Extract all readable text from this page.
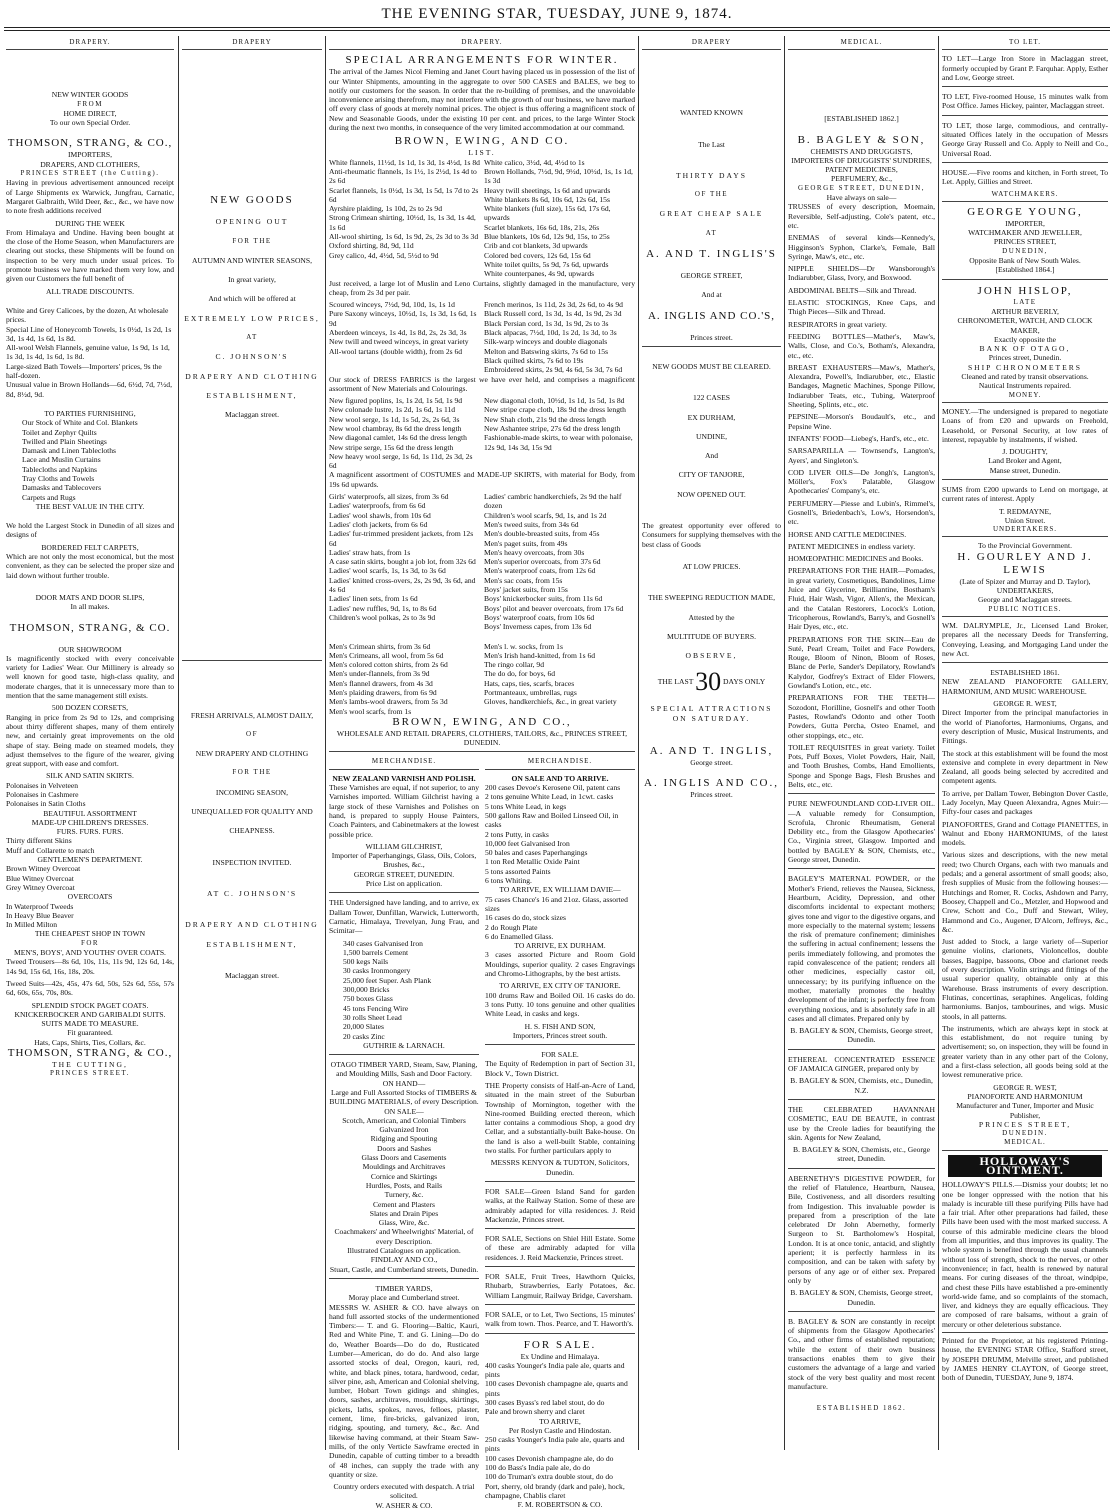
THE EVENING STAR, TUESDAY, JUNE 9, 1874.
DRAPERY.
NEW WINTER GOODS
FROM
HOME DIRECT,
To our own Special Order.
THOMSON, STRANG, & CO.,
IMPORTERS,
DRAPERS, AND CLOTHIERS,
PRINCES STREET (the Cutting).

Having in previous advertisement announced receipt of Large Shipments ex Warwick, Jungfrau, Carnatic, Margaret Galbraith, Wild Deer, &c., &c., we have now to note fresh additions received

DURING THE WEEK

From Himalaya and Undine. Having been bought at the close of the Home Season, when Manufacturers are clearing out stocks, these Shipments will be found on inspection to be very much under usual prices. To promote business we have marked them very low, and given our Customers the full benefit of

ALL TRADE DISCOUNTS.
White and Grey Calicoes, by the dozen, At wholesale prices.
Special Line of Honeycomb Towels, 1s 0½d, 1s 2d, 1s 3d, 1s 4d, 1s 6d, 1s 8d.
All-wool Welsh Flannels, genuine value, 1s 9d, 1s 1d, 1s 3d, 1s 4d, 1s 6d, 1s 8d.
Large-sized Bath Towels—Importers' prices, 9s the half-dozen.
Unusual value in Brown Hollands—6d, 6½d, 7d, 7½d, 8d, 8½d, 9d.
TO PARTIES FURNISHING,
Our Stock of White and Col. Blankets
Toilet and Zephyr Quilts
Twilled and Plain Sheetings
Damask and Linen Tablecloths
Lace and Muslin Curtains
Tablecloths and Napkins
Tray Cloths and Towels
Damasks and Tablecovers
Carpets and Rugs
THE BEST VALUE IN THE CITY.

We hold the Largest Stock in Dunedin of all sizes and designs of

BORDERED FELT CARPETS,

Which are not only the most economical, but the most convenient, as they can be selected the proper size and laid down without further trouble.

DOOR MATS AND DOOR SLIPS,
In all makes.
THOMSON, STRANG, & CO.
OUR SHOWROOM

Is magnificently stocked with every conceivable variety for Ladies' Wear. Our Millinery is already so well known for good taste, high-class quality, and moderate charges, that it is unnecessary more than to mention that the same management still exists.

500 DOZEN CORSETS,

Ranging in price from 2s 9d to 12s, and comprising about thirty different shapes, many of them entirely new, and certainly great improvements on the old shape of stay. Being made on steamed models, they adjust themselves to the figure of the wearer, giving great support, with ease and comfort.

SILK AND SATIN SKIRTS.
Polonaises in Velveteen
Polonaises in Cashmere
Polonaises in Satin Cloths
BEAUTIFUL ASSORTMENT
MADE-UP CHILDREN'S DRESSES.
FURS. FURS. FURS.
Thirty different Skins
Muff and Collarette to match
GENTLEMEN'S DEPARTMENT.
Brown Witney Overcoat
Blue Witney Overcoat
Grey Witney Overcoat
OVERCOATS
In Waterproof Tweeds
In Heavy Blue Beaver
In Milled Milton
THE CHEAPEST SHOP IN TOWN
FOR
MEN'S, BOYS', AND YOUTHS' OVER COATS.

Tweed Trousers—8s 6d, 10s, 11s, 11s 9d, 12s 6d, 14s, 14s 9d, 15s 6d, 16s, 18s, 20s.

Tweed Suits—42s, 45s, 47s 6d, 50s, 52s 6d, 55s, 57s 6d, 60s, 65s, 70s, 80s.

SPLENDID STOCK PAGET COATS.
KNICKERBOCKER AND GARIBALDI SUITS.
SUITS MADE TO MEASURE.
Fit guaranteed.
Hats, Caps, Shirts, Ties, Collars, &c.
THOMSON, STRANG, & CO.,
THE CUTTING,
PRINCES STREET.
DRAPERY
NEW GOODS
OPENING OUT
FOR THE
AUTUMN AND WINTER SEASONS,
In great variety,
And which will be offered at
EXTREMELY LOW PRICES,
AT
C. JOHNSON'S
DRAPERY AND CLOTHING
ESTABLISHMENT,
Maclaggan street.
FRESH ARRIVALS, ALMOST DAILY,
OF
NEW DRAPERY AND CLOTHING
FOR THE
INCOMING SEASON,
UNEQUALLED FOR QUALITY AND
CHEAPNESS.
INSPECTION INVITED.
AT C. JOHNSON'S
DRAPERY AND CLOTHING
ESTABLISHMENT,
Maclaggan street.
DRAPERY.
SPECIAL ARRANGEMENTS FOR WINTER.

The arrival of the James Nicol Fleming and Janet Court having placed us in possession of the list of our Winter Shipments, amounting in the aggregate to over 500 CASES and BALES, we beg to notify our customers for the season. In order that the re-building of premises, and the unavoidable inconvenience arising therefrom, may not interfere with the growth of our business, we have marked off every class of goods at merely nominal prices. The object is thus offering a magnificent stock of New and Seasonable Goods, under the existing 10 per cent. and prices, to the large Winter Stock during the next two months, in consequence of the very limited accommodation at our command.

BROWN, EWING, AND CO.
LIST.
White flannels, 11½d, 1s 1d, 1s 3d, 1s 4½d, 1s 8d
Anti-rheumatic flannels, 1s 1½, 1s 2½d, 1s 4d to 2s 6d
Scarlet flannels, 1s 0½d, 1s 3d, 1s 5d, 1s 7d to 2s 6d
Ayrshire plaiding, 1s 10d, 2s to 2s 9d
Strong Crimean shirting, 10½d, 1s, 1s 3d, 1s 4d, 1s 6d
All-wool shirting, 1s 6d, 1s 9d, 2s, 2s 3d to 3s 3d
Oxford shirting, 8d, 9d, 11d
Grey calico, 4d, 4½d, 5d, 5½d to 9d
White calico, 3½d, 4d, 4½d to 1s
Brown Hollands, 7½d, 9d, 9½d, 10½d, 1s, 1s 1d, 1s 3d
Heavy twill sheetings, 1s 6d and upwards
White blankets 8s 6d, 10s 6d, 12s 6d, 15s
White blankets (full size), 15s 6d, 17s 6d, upwards
Scarlet blankets, 16s 6d, 18s, 21s, 26s
Blue blankets, 10s 6d, 12s 9d, 15s, to 25s
Crib and cot blankets, 3d upwards
Colored bed covers, 12s 6d, 15s 6d
White toilet quilts, 5s 9d, 7s 6d, upwards
White counterpanes, 4s 9d, upwards

Just received, a large lot of Muslin and Leno Curtains, slightly damaged in the manufacture, very cheap, from 2s 3d per pair.

Scoured winceys, 7½d, 9d, 10d, 1s, 1s 1d
Pure Saxony winceys, 10½d, 1s, 1s 3d, 1s 6d, 1s 9d
Aberdeen winceys, 1s 4d, 1s 8d, 2s, 2s 3d, 3s
New twill and tweed winceys, in great variety
All-wool tartans (double width), from 2s 6d
French merinos, 1s 11d, 2s 3d, 2s 6d, to 4s 9d
Black Russell cord, 1s 3d, 1s 4d, 1s 9d, 2s 3d
Black Persian cord, 1s 3d, 1s 9d, 2s to 3s
Black alpacas, 7½d, 10d, 1s 2d, 1s 3d, to 3s
Silk-warp winceys and double diagonals
Melton and Batswing skirts, 7s 6d to 15s
Black quilted skirts, 7s 6d to 19s
Embroidered skirts, 2s 9d, 4s 6d, 5s 3d, 7s 6d

Our stock of DRESS FABRICS is the largest we have ever held, and comprises a magnificent assortment of New Materials and Colourings.

New figured poplins, 1s, 1s 2d, 1s 5d, 1s 9d
New colonade lustre, 1s 2d, 1s 6d, 1s 11d
New wool serge, 1s 1d, 1s 5d, 2s, 2s 6d, 3s
New wool chambray, 8s 6d the dress length
New diagonal camlet, 14s 6d the dress length
New stripe serge, 15s 6d the dress length
New heavy wool serge, 1s 6d, 1s 11d, 2s 3d, 2s 6d
New diagonal cloth, 10½d, 1s 1d, 1s 5d, 1s 8d
New stripe crape cloth, 18s 9d the dress length
New Shah cloth, 21s 9d the dress length
New Ashantee stripe, 27s 6d the dress length
Fashionable-made skirts, to wear with polonaise, 12s 9d, 14s 3d, 15s 9d

A magnificent assortment of COSTUMES and MADE-UP SKIRTS, with material for Body, from 19s 6d upwards.

Girls' waterproofs, all sizes, from 3s 6d
Ladies' waterproofs, from 6s 6d
Ladies' wool shawls, from 10s 6d
Ladies' cloth jackets, from 6s 6d
Ladies' fur-trimmed president jackets, from 12s 6d
Ladies' straw hats, from 1s
A case satin skirts, bought a job lot, from 32s 6d
Ladies' wool scarfs, 1s, 1s 3d, to 3s 6d
Ladies' knitted cross-overs, 2s, 2s 9d, 3s 6d, and 4s 6d
Ladies' linen sets, from 1s 6d
Ladies' new ruffles, 9d, 1s, to 8s 6d
Children's wool polkas, 2s to 3s 9d
Ladies' cambric handkerchiefs, 2s 9d the half dozen
Children's wool scarfs, 9d, 1s, and 1s 2d
Men's tweed suits, from 34s 6d
Men's double-breasted suits, from 45s
Men's paget suits, from 49s
Men's heavy overcoats, from 30s
Men's superior overcoats, from 37s 6d
Men's waterproof coats, from 12s 6d
Men's sac coats, from 15s
Boys' jacket suits, from 15s
Boys' knickerbocker suits, from 11s 6d
Boys' pilot and beaver overcoats, from 17s 6d
Boys' waterproof coats, from 10s 6d
Boys' Inverness capes, from 13s 6d
Men's Crimean shirts, from 3s 6d
Men's Crimeans, all wool, from 5s 6d
Men's colored cotton shirts, from 2s 6d
Men's under-flannels, from 3s 9d
Men's flannel drawers, from 4s 3d
Men's plaiding drawers, from 6s 9d
Men's lambs-wool drawers, from 5s 3d
Men's wool scarfs, from 1s
Men's l. w. socks, from 1s
Men's Irish hand-knitted, from 1s 6d
The ringo collar, 9d
The do do, for boys, 6d
Hats, caps, ties, scarfs, braces
Portmanteaux, umbrellas, rugs
Gloves, handkerchiefs, &c., in great variety
BROWN, EWING, AND CO.,
WHOLESALE AND RETAIL DRAPERS, CLOTHIERS, TAILORS, &c., PRINCES STREET, DUNEDIN.
MERCHANDISE.
NEW ZEALAND VARNISH AND POLISH.

These Varnishes are equal, if not superior, to any Varnishes imported. William Gilchrist having a large stock of these Varnishes and Polishes on hand, is prepared to supply House Painters, Coach Painters, and Cabinetmakers at the lowest possible price.

WILLIAM GILCHRIST,
Importer of Paperhangings, Glass, Oils, Colors, Brushes, &c.,
GEORGE STREET, DUNEDIN.
Price List on application.

THE Undersigned have landing, and to arrive, ex Dallam Tower, Dunfillan, Warwick, Lutterworth, Carnatic, Himalaya, Trevelyan, Jung Frau, and Scimitar—

340 cases Galvanised Iron
1,500 barrels Cement
500 kegs Nails
30 casks Ironmongery
25,000 feet Super. Ash Plank
300,000 Bricks
750 boxes Glass
45 tons Fencing Wire
30 rolls Sheet Lead
20,000 Slates
20 casks Zinc
GUTHRIE & LARNACH.
OTAGO TIMBER YARD, Steam, Saw, Planing, and Moulding Mills, Sash and Door Factory.
ON HAND—
Large and Full Assorted Stocks of TIMBERS & BUILDING MATERIALS, of every Description.
ON SALE—
Scotch, American, and Colonial Timbers
Galvanized Iron
Ridging and Spouting
Doors and Sashes
Glass Doors and Casements
Mouldings and Architraves
Cornice and Skirtings
Hurdles, Posts, and Rails
Turnery, &c.
Cement and Plasters
Slates and Drain Pipes
Glass, Wire, &c.
Coachmakers' and Wheelwrights' Material, of every Description.
Illustrated Catalogues on application.
FINDLAY AND CO.,
Stuart, Castle, and Cumberland streets, Dunedin.
TIMBER YARDS,
Moray place and Cumberland street.

MESSRS W. ASHER & CO. have always on hand full assorted stocks of the undermentioned Timbers:— T. and G. Flooring—Baltic, Kauri, Red and White Pine, T. and G. Lining—Do do do, Weather Boards—Do do do, Rusticated Lumber—American, do do do. And also large assorted stocks of deal, Oregon, kauri, red, white, and black pines, totara, hardwood, cedar, silver pine, ash, American and Colonial shelving, lumber, Hobart Town gidings and shingles, doors, sashes, architraves, mouldings, skirtings, pickets, laths, spokes, naves, felloes, plaster, cement, lime, fire-bricks, galvanized iron, ridging, spouting, and turnery, &c., &c. And likewise having command, at their Steam Saw-mills, of the only Verticle Sawframe erected in Dunedin, capable of cutting timber to a breadth of 48 inches, can supply the trade with any quantity or size.

Country orders executed with despatch. A trial solicited.
W. ASHER & CO.
MERCHANDISE.
ON SALE AND TO ARRIVE.
200 cases Devoe's Kerosene Oil, patent cans
2 tons genuine White Lead, in 1cwt. casks
5 tons White Lead, in kegs
500 gallons Raw and Boiled Linseed Oil, in casks
2 tons Putty, in casks
10,000 feet Galvanised Iron
50 bales and cases Paperhangings
1 ton Red Metallic Oxide Paint
5 tons assorted Paints
6 tons Whiting.
TO ARRIVE, EX WILLIAM DAVIE—
75 cases Chance's 16 and 21oz. Glass, assorted sizes
16 cases do do, stock sizes
2 do Rough Plate
6 do Enamelled Glass.
TO ARRIVE, EX DURHAM.

3 cases assorted Picture and Room Gold Mouldings, superior quality. 2 cases Engravings and Chromo-Lithographs, by the best artists.

TO ARRIVE, EX CITY OF TANJORE.

100 drums Raw and Boiled Oil. 16 casks do do. 3 tons Putty. 10 tons genuine and other qualities White Lead, in casks and kegs.

H. S. FISH AND SON,
Importers, Princes street south.
FOR SALE.

The Equity of Redemption in part of Section 31, Block V., Town District.

THE Property consists of Half-an-Acre of Land, situated in the main street of the Suburban Township of Mornington, together with the Nine-roomed Building erected thereon, which latter contains a commodious Shop, a good dry Cellar, and a substantially-built Bake-house. On the land is also a well-built Stable, containing two stalls. For further particulars apply to

MESSRS KENYON & TUDTON, Solicitors, Dunedin.

FOR SALE—Green Island Sand for garden walks, at the Railway Station. Some of these are admirably adapted for villa residences. J. Reid Mackenzie, Princes street.

FOR SALE, Sections on Shiel Hill Estate. Some of these are admirably adapted for villa residences. J. Reid Mackenzie, Princes street.

FOR SALE, Fruit Trees, Hawthorn Quicks, Rhubarb, Strawberries, Early Potatoes, &c. William Langmuir, Railway Bridge, Caversham.

FOR SALE, or to Let, Two Sections, 15 minutes' walk from town. Thos. Pearce, and T. Haworth's.

FOR SALE.
Ex Undine and Himalaya.
400 casks Younger's India pale ale, quarts and pints
100 cases Devonish champagne ale, quarts and pints
300 cases Byass's red label stout, do do
Pale and brown sherry and claret
TO ARRIVE,
Per Roslyn Castle and Hindostan.
250 casks Younger's India pale ale, quarts and pints
100 cases Devonish champagne ale, do do
100 do Bass's India pale ale, do do
100 do Truman's extra double stout, do do
Port, sherry, old brandy (dark and pale), hock, champagne, Chablis claret
F. M. ROBERTSON & CO.
DRAPERY
WANTED KNOWN
The Last
THIRTY DAYS
OF THE
GREAT CHEAP SALE
AT
A. AND T. INGLIS'S
GEORGE STREET,
And at
A. INGLIS AND CO.'S,
Princes street.
NEW GOODS MUST BE CLEARED.
122 CASES
EX DURHAM,
UNDINE,
And
CITY OF TANJORE,
NOW OPENED OUT.

The greatest opportunity ever offered to Consumers for supplying themselves with the best class of Goods

AT LOW PRICES.
THE SWEEPING REDUCTION MADE,
Attested by the
MULTITUDE OF BUYERS.
OBSERVE,
THE LAST 30 DAYS ONLY
SPECIAL ATTRACTIONS ON SATURDAY.
A. AND T. INGLIS,
George street.
A. INGLIS AND CO.,
Princes street.
MEDICAL.
[ESTABLISHED 1862.]
B. BAGLEY & SON,
CHEMISTS AND DRUGGISTS,
IMPORTERS OF DRUGGISTS' SUNDRIES, PATENT MEDICINES,
PERFUMERY, &c.,
GEORGE STREET, DUNEDIN,
Have always on sale—

TRUSSES of every description, Moemain, Reversible, Self-adjusting, Cole's patent, etc., etc.

ENEMAS of several kinds—Kennedy's, Higginson's Syphon, Clarke's, Female, Ball Syringe, Maw's, etc., etc.

NIPPLE SHIELDS—Dr Wansborough's Indiarubber, Glass, Ivory, and Boxwood.

ABDOMINAL BELTS—Silk and Thread.

ELASTIC STOCKINGS, Knee Caps, and Thigh Pieces—Silk and Thread.

RESPIRATORS in great variety.

FEEDING BOTTLES—Mather's, Maw's, Walls, Close, and Co.'s, Botham's, Alexandra, etc., etc.

BREAST EXHAUSTERS—Maw's, Mather's, Alexandra, Powell's, Indiarubber, etc., Elastic Bandages, Magnetic Machines, Sponge Pillow, Indiarubber Teats, etc., Tubing, Waterproof Sheeting, Splints, etc., etc.

PEPSINE—Morson's Boudault's, etc., and Pepsine Wine.

INFANTS' FOOD—Liebeg's, Hard's, etc., etc.

SARSAPARILLA — Townsend's, Langton's, Ayers', and Singleton's.

COD LIVER OILS—De Jongh's, Langton's, Möller's, Fox's Palatable, Glasgow Apothecaries' Company's, etc.

PERFUMERY—Piesse and Lubin's, Rimmel's, Gosnell's, Briedenbach's, Low's, Horsendon's, etc.

HORSE AND CATTLE MEDICINES.

PATENT MEDICINES in endless variety.

HOMŒOPATHIC MEDICINES and Books.

PREPARATIONS FOR THE HAIR—Pomades, in great variety, Cosmetiques, Bandolines, Lime Juice and Glycerine, Brilliantine, Bostham's Fluid, Hair Wash, Vigor, Allen's, the Mexican, and the Catalan Restorers, Locock's Lotion, Tricopherous, Rowland's, Barry's, and Gosnell's Hair Dyes, etc., etc.

PREPARATIONS FOR THE SKIN—Eau de Suté, Pearl Cream, Toilet and Face Powders, Rouge, Bloom of Ninon, Bloom of Roses, Blanc de Perle, Sander's Depilatory, Rowland's Kalydor, Godfrey's Extract of Elder Flowers, Gowland's Lotion, etc., etc.

PREPARATIONS FOR THE TEETH—Sozodont, Florilline, Gosnell's and other Tooth Pastes, Rowland's Odonto and other Tooth Powders, Gutta Percha, Osteo Enamel, and other stoppings, etc., etc.

TOILET REQUISITES in great variety. Toilet Pots, Puff Boxes, Violet Powders, Hair, Nail, and Tooth Brushes, Combs, Hand Emollients, Sponge and Sponge Bags, Flesh Brushes and Belts, etc., etc.

PURE NEWFOUNDLAND COD-LIVER OIL.—A valuable remedy for Consumption, Scrofula, Chronic Rheumatism, General Debility etc., from the Glasgow Apothecaries' Co., Virginia street, Glasgow. Imported and bottled by BAGLEY & SON, Chemists, etc., George street, Dunedin.

BAGLEY'S MATERNAL POWDER, or the Mother's Friend, relieves the Nausea, Sickness, Heartburn, Acidity, Depression, and other discomforts incidental to expectant mothers; gives tone and vigor to the digestive organs, and more especially to the maternal system; lessens the risk of premature confinement; diminishes the suffering in actual confinement; lessens the perils immediately following, and promotes the rapid convalescence of the patient; renders all other medicines, especially castor oil, unnecessary; by its purifying influence on the mother, materially promotes the healthy development of the infant; is perfectly free from everything noxious, and is absolutely safe in all cases and all climates. Prepared only by

B. BAGLEY & SON, Chemists, George street, Dunedin.

ETHEREAL CONCENTRATED ESSENCE OF JAMAICA GINGER, prepared only by

B. BAGLEY & SON, Chemists, etc., Dunedin, N.Z.

THE CELEBRATED HAVANNAH COSMETIC, EAU DE BEAUTE, in contrast use by the Creole ladies for beautifying the skin. Agents for New Zealand,

B. BAGLEY & SON, Chemists, etc., George street, Dunedin.

ABERNETHY'S DIGESTIVE POWDER, for the relief of Flatulence, Heartburn, Nausea, Bile, Costiveness, and all disorders resulting from Indigestion. This invaluable powder is prepared from a prescription of the late celebrated Dr John Abernethy, formerly Surgeon to St. Bartholomew's Hospital, London. It is at once tonic, antacid, and slightly aperient; it is perfectly harmless in its composition, and can be taken with safety by persons of any age or of either sex. Prepared only by

B. BAGLEY & SON, Chemists, George street, Dunedin.

B. BAGLEY & SON are constantly in receipt of shipments from the Glasgow Apothecaries' Co., and other firms of established reputation; while the extent of their own business transactions enables them to give their customers the advantage of a large and varied stock of the very best quality and most recent manufacture.

ESTABLISHED 1862.
TO LET.

TO LET—Large Iron Store in Maclaggan street, formerly occupied by Grant P. Farquhar. Apply, Esther and Low, George street.

TO LET, Five-roomed House, 15 minutes walk from Post Office. James Hickey, painter, Maclaggan street.

TO LET, those large, commodious, and centrally-situated Offices lately in the occupation of Messrs George Gray Russell and Co. Apply to Neill and Co., Universal Road.

HOUSE.—Five rooms and kitchen, in Forth street, To Let. Apply, Gillies and Street.

WATCHMAKERS.
GEORGE YOUNG,
IMPORTER,
WATCHMAKER AND JEWELLER,
PRINCES STREET,
DUNEDIN,
Opposite Bank of New South Wales.
[Established 1864.]
JOHN HISLOP,
LATE
ARTHUR BEVERLY,
CHRONOMETER, WATCH, AND CLOCK MAKER,
Exactly opposite the
BANK OF OTAGO,
Princes street, Dunedin.
SHIP CHRONOMETERS
Cleaned and rated by transit observations.
Nautical Instruments repaired.
MONEY.

MONEY.—The undersigned is prepared to negotiate Loans of from £20 and upwards on Freehold, Leasehold, or Personal Security, at low rates of interest, repayable by instalments, if wished.

J. DOUGHTY,
Land Broker and Agent,
Manse street, Dunedin.

SUMS from £200 upwards to Lend on mortgage, at current rates of interest. Apply

T. REDMAYNE,
Union Street.
UNDERTAKERS.
To the Provincial Government.
H. GOURLEY AND J. LEWIS
(Late of Spizer and Murray and D. Taylor),
UNDERTAKERS,
George and Maclaggan streets.
PUBLIC NOTICES.

WM. DALRYMPLE, Jr., Licensed Land Broker, prepares all the necessary Deeds for Transferring, Conveying, Leasing, and Mortgaging Land under the new Act.

ESTABLISHED 1861.

NEW ZEALAND PIANOFORTE GALLERY, HARMONIUM, AND MUSIC WAREHOUSE.

GEORGE R. WEST,

Direct Importer from the principal manufactories in the world of Pianofortes, Harmoniums, Organs, and every description of Music, Musical Instruments, and Fittings.

The stock at this establishment will be found the most extensive and complete in every department in New Zealand, all goods being selected by accredited and competent agents.

To arrive, per Dallam Tower, Bebington Dover Castle, Lady Jocelyn, May Queen Alexandra, Agnes Muir:—Fifty-four cases and packages

PIANOFORTES, Grand and Cottage PIANETTES, in Walnut and Ebony HARMONIUMS, of the latest models.

Various sizes and descriptions, with the new metal reed; two Church Organs, each with two manuals and pedals; and a general assortment of small goods; also, fresh supplies of Music from the following houses:—Hutchings and Romer, R. Cocks, Ashdown and Parry, Boosey, Chappell and Co., Metzler, and Hopwood and Crew, Schott and Co., Duff and Stewart, Wiley, Hammond and Co., Augener, D'Alcorn, Jeffreys, &c., &c.

Just added to Stock, a large variety of—Superior genuine violins, clarionets, Violoncellos, double basses, Bagpipe, bassoons, Oboe and clarionet reeds of every description. Violin strings and fittings of the usual superior quality, obtainable only at this Warehouse. Brass instruments of every description. Flutinas, concertinas, seraphines. Angelicas, folding harmoniums. Banjos, tambourines, and wigs. Music stools, in all patterns.

The instruments, which are always kept in stock at this establishment, do not require tuning by advertisement; so, on inspection, they will be found in greater variety than in any other part of the Colony, and a first-class selection, all goods being sold at the lowest remunerative price.

GEORGE R. WEST,
PIANOFORTE AND HARMONIUM
Manufacturer and Tuner, Importer and Music Publisher,
PRINCES STREET,
DUNEDIN.
MEDICAL.
HOLLOWAY'S OINTMENT.

HOLLOWAY'S PILLS.—Dismiss your doubts; let no one be longer oppressed with the notion that his malady is incurable till these purifying Pills have had a fair trial. After other preparations had failed, these Pills have been used with the most marked success. A course of this admirable medicine clears the blood from all impurities, and thus improves its quality. The whole system is benefited through the usual channels without loss of strength, shock to the nerves, or other inconvenience; in fact, health is renewed by natural means. For curing diseases of the throat, windpipe, and chest these Pills have established a pre-eminently world-wide fame, and so complaints of the stomach, liver, and kidneys they are equally efficacious. They are composed of rare balsams, without a grain of mercury or other deleterious substance.

Printed for the Proprietor, at his registered Printing-house, the EVENING STAR Office, Stafford street, by JOSEPH DRUMM, Melville street, and published by JAMES HENRY CLAYTON, of George street, both of Dunedin, TUESDAY, June 9, 1874.
